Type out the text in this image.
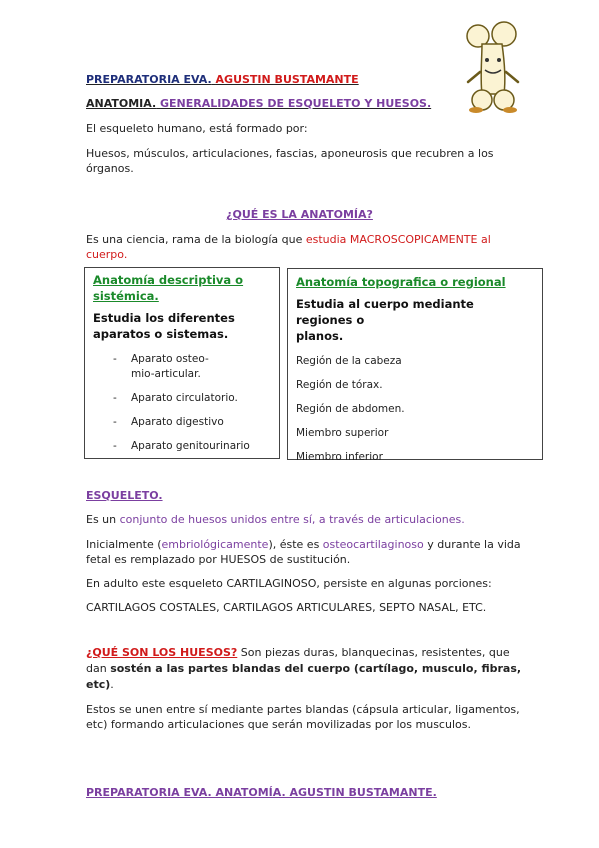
PREPARATORIA EVA. AGUSTIN BUSTAMANTE
ANATOMIA. GENERALIDADES DE ESQUELETO Y HUESOS.
El esqueleto humano, está formado por:
Huesos, músculos, articulaciones, fascias, aponeurosis que recubren a los
órganos.
¿QUÉ ES LA ANATOMÍA?
Es una ciencia, rama de la biología que estudia MACROSCOPICAMENTE al
cuerpo.
Anatomía descriptiva o
sistémica.
Estudia los diferentes
aparatos o sistemas.
- Aparato osteo-mio-articular.
- Aparato circulatorio.
- Aparato digestivo
- Aparato genitourinario
Anatomía topografica o regional
Estudia al cuerpo mediante regiones o
planos.
Región de la cabeza
Región de tórax.
Región de abdomen.
Miembro superior
Miembro inferior
ESQUELETO.
Es un conjunto de huesos unidos entre sí, a través de articulaciones.
Inicialmente (embriológicamente), éste es osteocartilaginoso y durante la vida
fetal es remplazado por HUESOS de sustitución.
En adulto este esqueleto CARTILAGINOSO, persiste en algunas porciones:
CARTILAGOS COSTALES, CARTILAGOS ARTICULARES, SEPTO NASAL, ETC.
¿QUÉ SON LOS HUESOS? Son piezas duras, blanquecinas, resistentes, que
dan sostén a las partes blandas del cuerpo (cartílago, musculo, fibras,
etc).
Estos se unen entre sí mediante partes blandas (cápsula articular, ligamentos,
etc) formando articulaciones que serán movilizadas por los musculos.
PREPARATORIA EVA. ANATOMÍA. AGUSTIN BUSTAMANTE.
